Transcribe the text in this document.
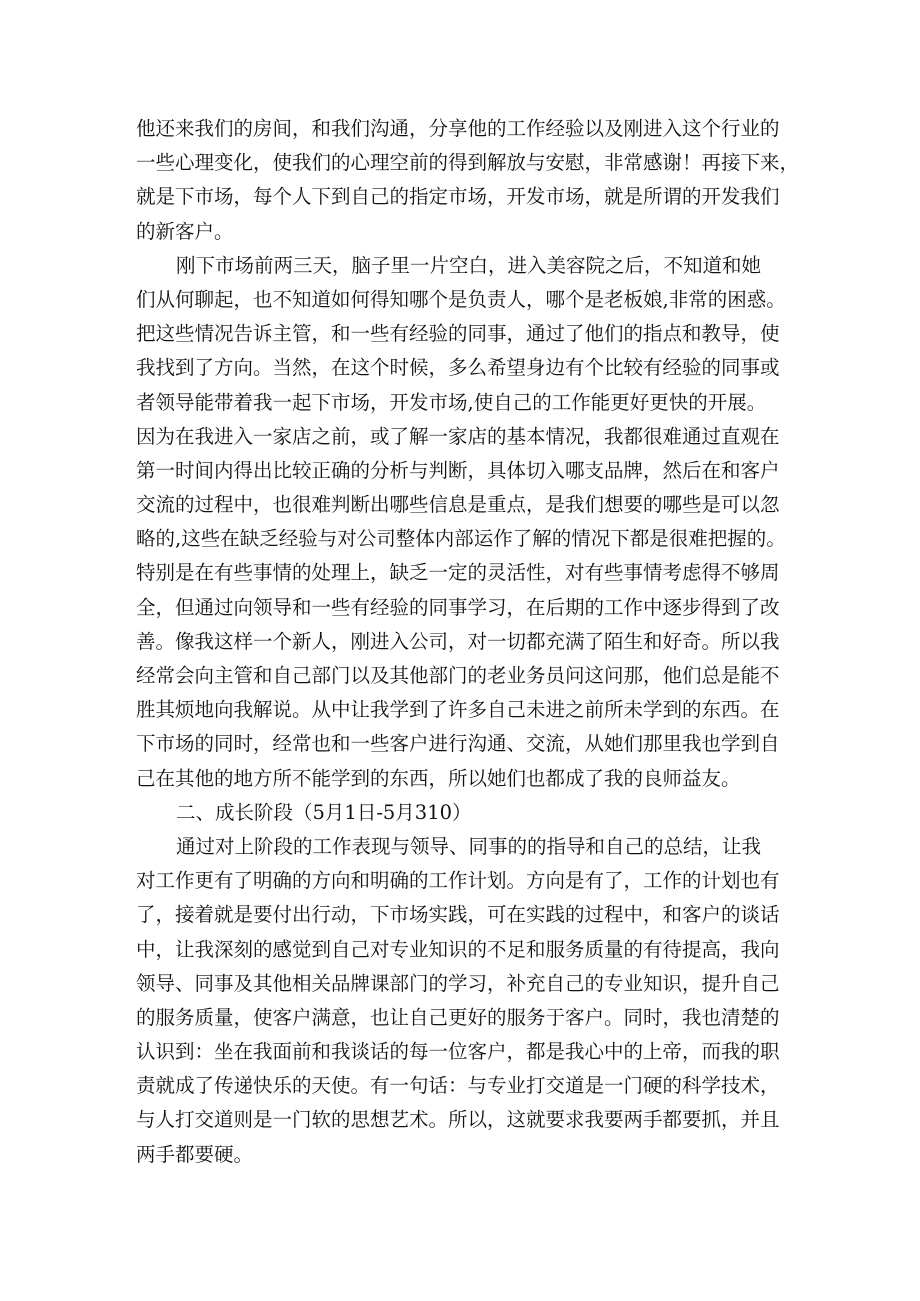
他还来我们的房间，和我们沟通，分享他的工作经验以及刚进入这个行业的
一些心理变化，使我们的心理空前的得到解放与安慰，非常感谢！再接下来，
就是下市场，每个人下到自己的指定市场，开发市场，就是所谓的开发我们
的新客户。
刚下市场前两三天，脑子里一片空白，进入美容院之后，不知道和她
们从何聊起，也不知道如何得知哪个是负责人，哪个是老板娘,非常的困惑。
把这些情况告诉主管，和一些有经验的同事，通过了他们的指点和教导，使
我找到了方向。当然，在这个时候，多么希望身边有个比较有经验的同事或
者领导能带着我一起下市场，开发市场,使自己的工作能更好更快的开展。
因为在我进入一家店之前，或了解一家店的基本情况，我都很难通过直观在
第一时间内得出比较正确的分析与判断，具体切入哪支品牌，然后在和客户
交流的过程中，也很难判断出哪些信息是重点，是我们想要的哪些是可以忽
略的,这些在缺乏经验与对公司整体内部运作了解的情况下都是很难把握的。
特别是在有些事情的处理上，缺乏一定的灵活性，对有些事情考虑得不够周
全，但通过向领导和一些有经验的同事学习，在后期的工作中逐步得到了改
善。像我这样一个新人，刚进入公司，对一切都充满了陌生和好奇。所以我
经常会向主管和自己部门以及其他部门的老业务员问这问那，他们总是能不
胜其烦地向我解说。从中让我学到了许多自己未进之前所未学到的东西。在
下市场的同时，经常也和一些客户进行沟通、交流，从她们那里我也学到自
己在其他的地方所不能学到的东西，所以她们也都成了我的良师益友。
二、成长阶段（5月1日-5月310）
通过对上阶段的工作表现与领导、同事的的指导和自己的总结，让我
对工作更有了明确的方向和明确的工作计划。方向是有了，工作的计划也有
了，接着就是要付出行动，下市场实践，可在实践的过程中，和客户的谈话
中，让我深刻的感觉到自己对专业知识的不足和服务质量的有待提高，我向
领导、同事及其他相关品牌课部门的学习，补充自己的专业知识，提升自己
的服务质量，使客户满意，也让自己更好的服务于客户。同时，我也清楚的
认识到：坐在我面前和我谈话的每一位客户，都是我心中的上帝，而我的职
责就成了传递快乐的天使。有一句话：与专业打交道是一门硬的科学技术，
与人打交道则是一门软的思想艺术。所以，这就要求我要两手都要抓，并且
两手都要硬。
